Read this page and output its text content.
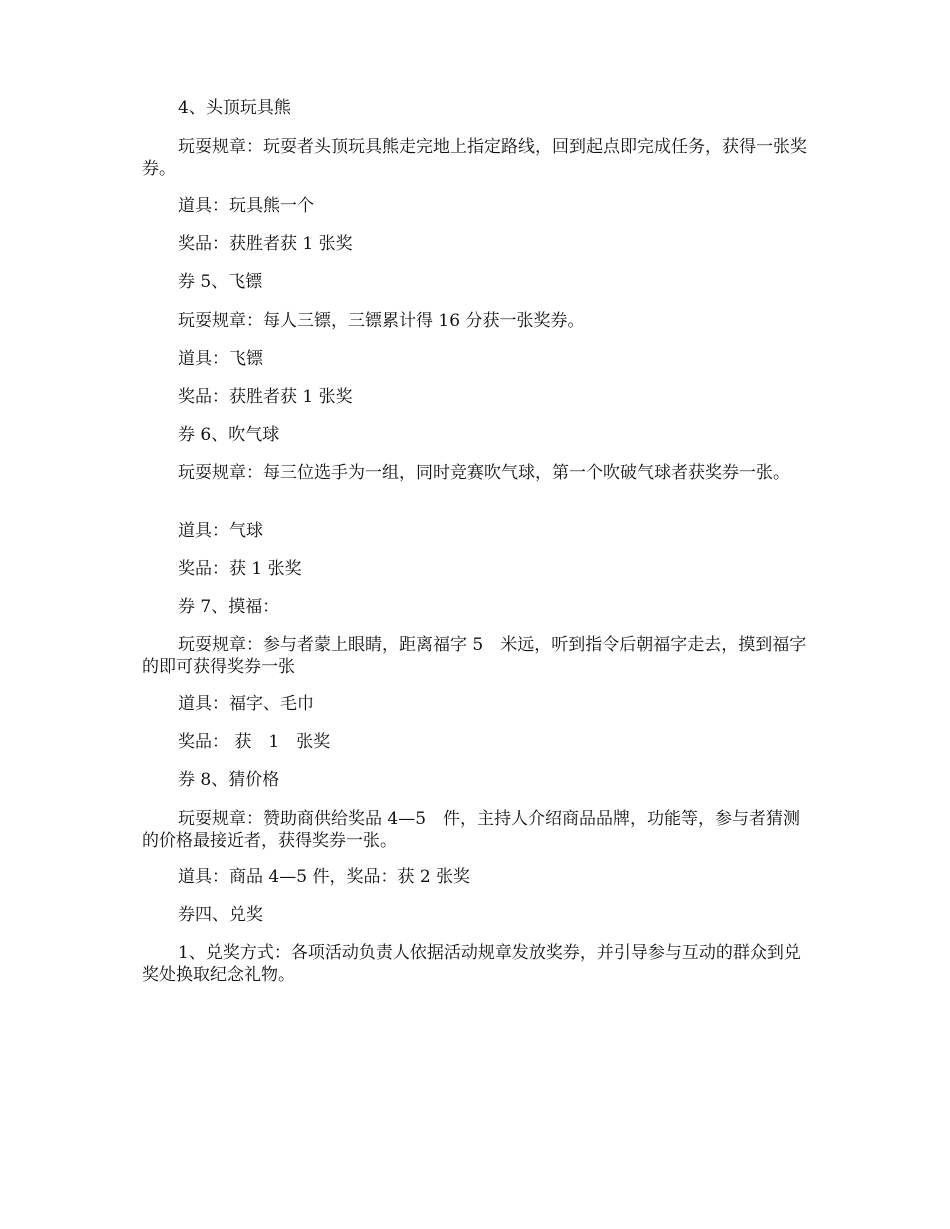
4、头顶玩具熊

玩耍规章：玩耍者头顶玩具熊走完地上指定路线，回到起点即完成任务，获得一张奖券。

道具：玩具熊一个

奖品：获胜者获 1 张奖

券 5、飞镖

玩耍规章：每人三镖，三镖累计得 16 分获一张奖券。

道具：飞镖

奖品：获胜者获 1 张奖

券 6、吹气球

玩耍规章：每三位选手为一组，同时竞赛吹气球，第一个吹破气球者获奖券一张。

道具：气球

奖品：获 1 张奖

券 7、摸福：

玩耍规章：参与者蒙上眼睛，距离福字 5　米远，听到指令后朝福字走去，摸到福字的即可获得奖券一张

道具：福字、毛巾

奖品： 获　1　张奖

券 8、猜价格

玩耍规章：赞助商供给奖品 4—5　件，主持人介绍商品品牌，功能等，参与者猜测的价格最接近者，获得奖券一张。

道具：商品 4—5 件，奖品：获 2 张奖

券四、兑奖

1、兑奖方式：各项活动负责人依据活动规章发放奖券，并引导参与互动的群众到兑奖处换取纪念礼物。
